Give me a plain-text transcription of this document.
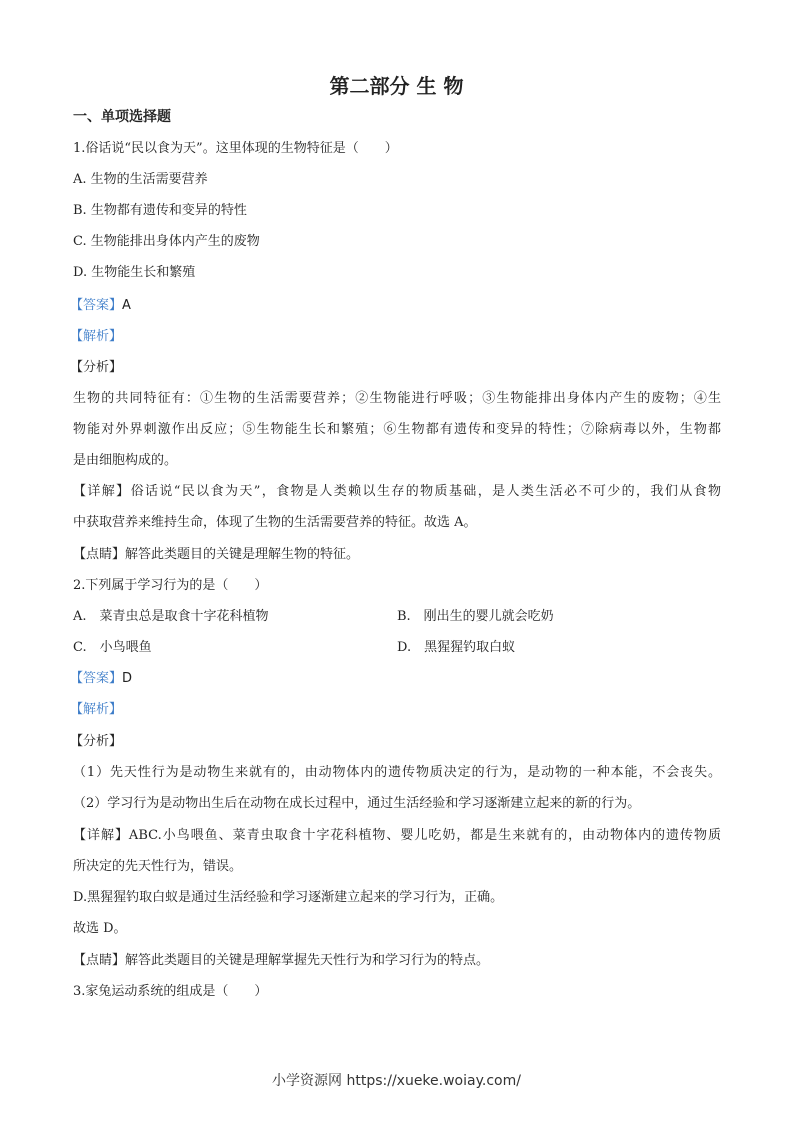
第二部分 生 物
一、单项选择题
1.俗话说“民以食为天”。这里体现的生物特征是（　　）
A. 生物的生活需要营养
B. 生物都有遗传和变异的特性
C. 生物能排出身体内产生的废物
D. 生物能生长和繁殖
【答案】A
【解析】
【分析】
生物的共同特征有：①生物的生活需要营养；②生物能进行呼吸；③生物能排出身体内产生的废物；④生
物能对外界刺激作出反应；⑤生物能生长和繁殖；⑥生物都有遗传和变异的特性；⑦除病毒以外，生物都
是由细胞构成的。
【详解】俗话说“民以食为天”，食物是人类赖以生存的物质基础，是人类生活必不可少的，我们从食物
中获取营养来维持生命，体现了生物的生活需要营养的特征。故选 A。
【点睛】解答此类题目的关键是理解生物的特征。
2.下列属于学习行为的是（　　）
A.　菜青虫总是取食十字花科植物	B.　刚出生的婴儿就会吃奶
C.　小鸟喂鱼	D.　黑猩猩钓取白蚁
【答案】D
【解析】
【分析】
（1）先天性行为是动物生来就有的，由动物体内的遗传物质决定的行为，是动物的一种本能，不会丧失。
（2）学习行为是动物出生后在动物在成长过程中，通过生活经验和学习逐渐建立起来的新的行为。
【详解】ABC.小鸟喂鱼、菜青虫取食十字花科植物、婴儿吃奶，都是生来就有的，由动物体内的遗传物质
所决定的先天性行为，错误。
D.黑猩猩钓取白蚁是通过生活经验和学习逐渐建立起来的学习行为，正确。
故选 D。
【点睛】解答此类题目的关键是理解掌握先天性行为和学习行为的特点。
3.家兔运动系统的组成是（　　）
小学资源网 https://xueke.woiay.com/
